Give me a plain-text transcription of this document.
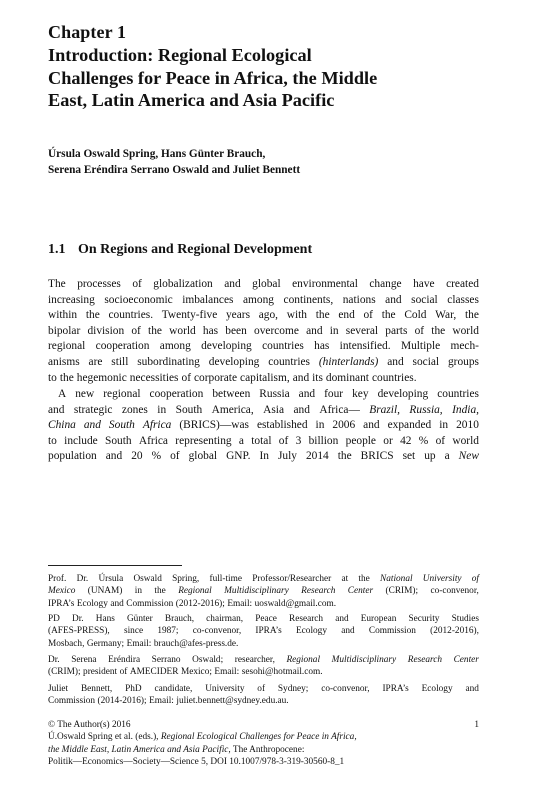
Chapter 1
Introduction: Regional Ecological
Challenges for Peace in Africa, the Middle
East, Latin America and Asia Pacific
Úrsula Oswald Spring, Hans Günter Brauch,
Serena Eréndira Serrano Oswald and Juliet Bennett
1.1 On Regions and Regional Development
The processes of globalization and global environmental change have created
increasing socioeconomic imbalances among continents, nations and social classes
within the countries. Twenty-five years ago, with the end of the Cold War, the
bipolar division of the world has been overcome and in several parts of the world
regional cooperation among developing countries has intensified. Multiple mech-
anisms are still subordinating developing countries (hinterlands) and social groups
to the hegemonic necessities of corporate capitalism, and its dominant countries.
A new regional cooperation between Russia and four key developing countries
and strategic zones in South America, Asia and Africa— Brazil, Russia, India,
China and South Africa (BRICS)—was established in 2006 and expanded in 2010
to include South Africa representing a total of 3 billion people or 42 % of world
population and 20 % of global GNP. In July 2014 the BRICS set up a New
Prof. Dr. Úrsula Oswald Spring, full-time Professor/Researcher at the National University of
Mexico (UNAM) in the Regional Multidisciplinary Research Center (CRIM); co-convenor,
IPRA’s Ecology and Commission (2012-2016); Email: uoswald@gmail.com.
PD Dr. Hans Günter Brauch, chairman, Peace Research and European Security Studies
(AFES-PRESS), since 1987; co-convenor, IPRA’s Ecology and Commission (2012-2016),
Mosbach, Germany; Email: brauch@afes-press.de.
Dr. Serena Eréndira Serrano Oswald; researcher, Regional Multidisciplinary Research Center
(CRIM); president of AMECIDER Mexico; Email: sesohi@hotmail.com.
Juliet Bennett, PhD candidate, University of Sydney; co-convenor, IPRA’s Ecology and
Commission (2014-2016); Email: juliet.bennett@sydney.edu.au.
© The Author(s) 2016	1
Ú.Oswald Spring et al. (eds.), Regional Ecological Challenges for Peace in Africa,
the Middle East, Latin America and Asia Pacific, The Anthropocene:
Politik—Economics—Society—Science 5, DOI 10.1007/978-3-319-30560-8_1
